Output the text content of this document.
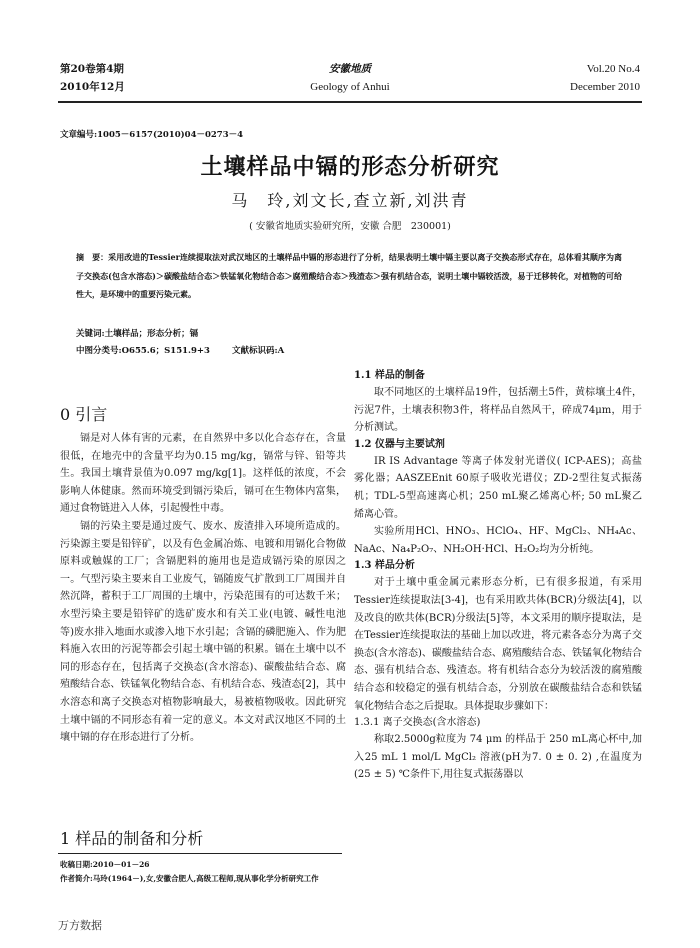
第20卷第4期
2010年12月
安徽地质
Geology of Anhui
Vol.20 No.4
December 2010
文章编号:1005－6157(2010)04－0273－4
土壤样品中镉的形态分析研究
马　玲,刘文长,查立新,刘洪青
( 安徽省地质实验研究所，安徽 合肥　230001)
摘　要：采用改进的Tessier连续提取法对武汉地区的土壤样品中镉的形态进行了分析，结果表明土壤中镉主要以离子交换态形式存在，总体看其顺序为离子交换态(包含水溶态)＞碳酸盐结合态＞铁锰氧化物结合态＞腐殖酸结合态＞残渣态＞强有机结合态，说明土壤中镉较活泼，易于迁移转化，对植物的可给性大，是环境中的重要污染元素。
关键词:土壤样品；形态分析；镉
中图分类号:O655.6；S151.9+3	文献标识码:A
0 引言

镉是对人体有害的元素，在自然界中多以化合态存在，含量很低，在地壳中的含量平均为0.15 mg/kg，镉常与锌、铅等共生。我国土壤背景值为0.097 mg/kg[1]。这样低的浓度，不会影响人体健康。然而环境受到镉污染后，镉可在生物体内富集，通过食物链进入人体，引起慢性中毒。

镉的污染主要是通过废气、废水、废渣排入环境所造成的。污染源主要是铅锌矿，以及有色金属冶炼、电镀和用镉化合物做原料或触媒的工厂；含镉肥料的施用也是造成镉污染的原因之一。气型污染主要来自工业废气，镉随废气扩散到工厂周围并自然沉降，蓄积于工厂周围的土壤中，污染范围有的可达数千米；水型污染主要是铅锌矿的选矿废水和有关工业(电镀、碱性电池等)废水排入地面水或渗入地下水引起；含镉的磷肥施入、作为肥料施入农田的污泥等都会引起土壤中镉的积累。镉在土壤中以不同的形态存在，包括离子交换态(含水溶态)、碳酸盐结合态、腐殖酸结合态、铁锰氧化物结合态、有机结合态、残渣态[2]，其中水溶态和离子交换态对植物影响最大，易被植物吸收。因此研究土壤中镉的不同形态有着一定的意义。本文对武汉地区不同的土壤中镉的存在形态进行了分析。

1 样品的制备和分析
1.1 样品的制备

取不同地区的土壤样品19件，包括潮土5件，黄棕壤土4件，污泥7件，土壤表积物3件，将样品自然风干，碎成74μm，用于分析测试。

1.2 仪器与主要试剂

IR IS Advantage 等离子体发射光谱仪( ICP-AES)；高盐雾化器；AASZEEnit 60原子吸收光谱仪；ZD-2型往复式振荡机；TDL-5型高速离心机；250 mL聚乙烯离心杯; 50 mL聚乙烯离心管。

实验所用HCl、HNO₃、HClO₄、HF、MgCl₂、NH₄Ac、NaAc、Na₄P₂O₇、NH₂OH·HCl、H₂O₂均为分析纯。

1.3 样品分析

对于土壤中重金属元素形态分析，已有很多报道，有采用Tessier连续提取法[3-4]，也有采用欧共体(BCR)分级法[4]，以及改良的欧共体(BCR)分级法[5]等，本文采用的顺序提取法，是在Tessier连续提取法的基础上加以改进，将元素各态分为离子交换态(含水溶态)、碳酸盐结合态、腐殖酸结合态、铁锰氧化物结合态、强有机结合态、残渣态。将有机结合态分为较活泼的腐殖酸结合态和较稳定的强有机结合态，分别放在碳酸盐结合态和铁锰氧化物结合态之后提取。具体提取步骤如下：

1.3.1 离子交换态(含水溶态)

称取2.5000g粒度为 74 μm 的样品于 250 mL离心杯中,加入25 mL 1 mol/L MgCl₂ 溶液(pH为7. 0 ± 0. 2) ,在温度为(25 ± 5) ℃条件下,用往复式振荡器以

收稿日期:2010－01－26
作者简介:马玲(1964－),女,安徽合肥人,高级工程师,现从事化学分析研究工作
万方数据
